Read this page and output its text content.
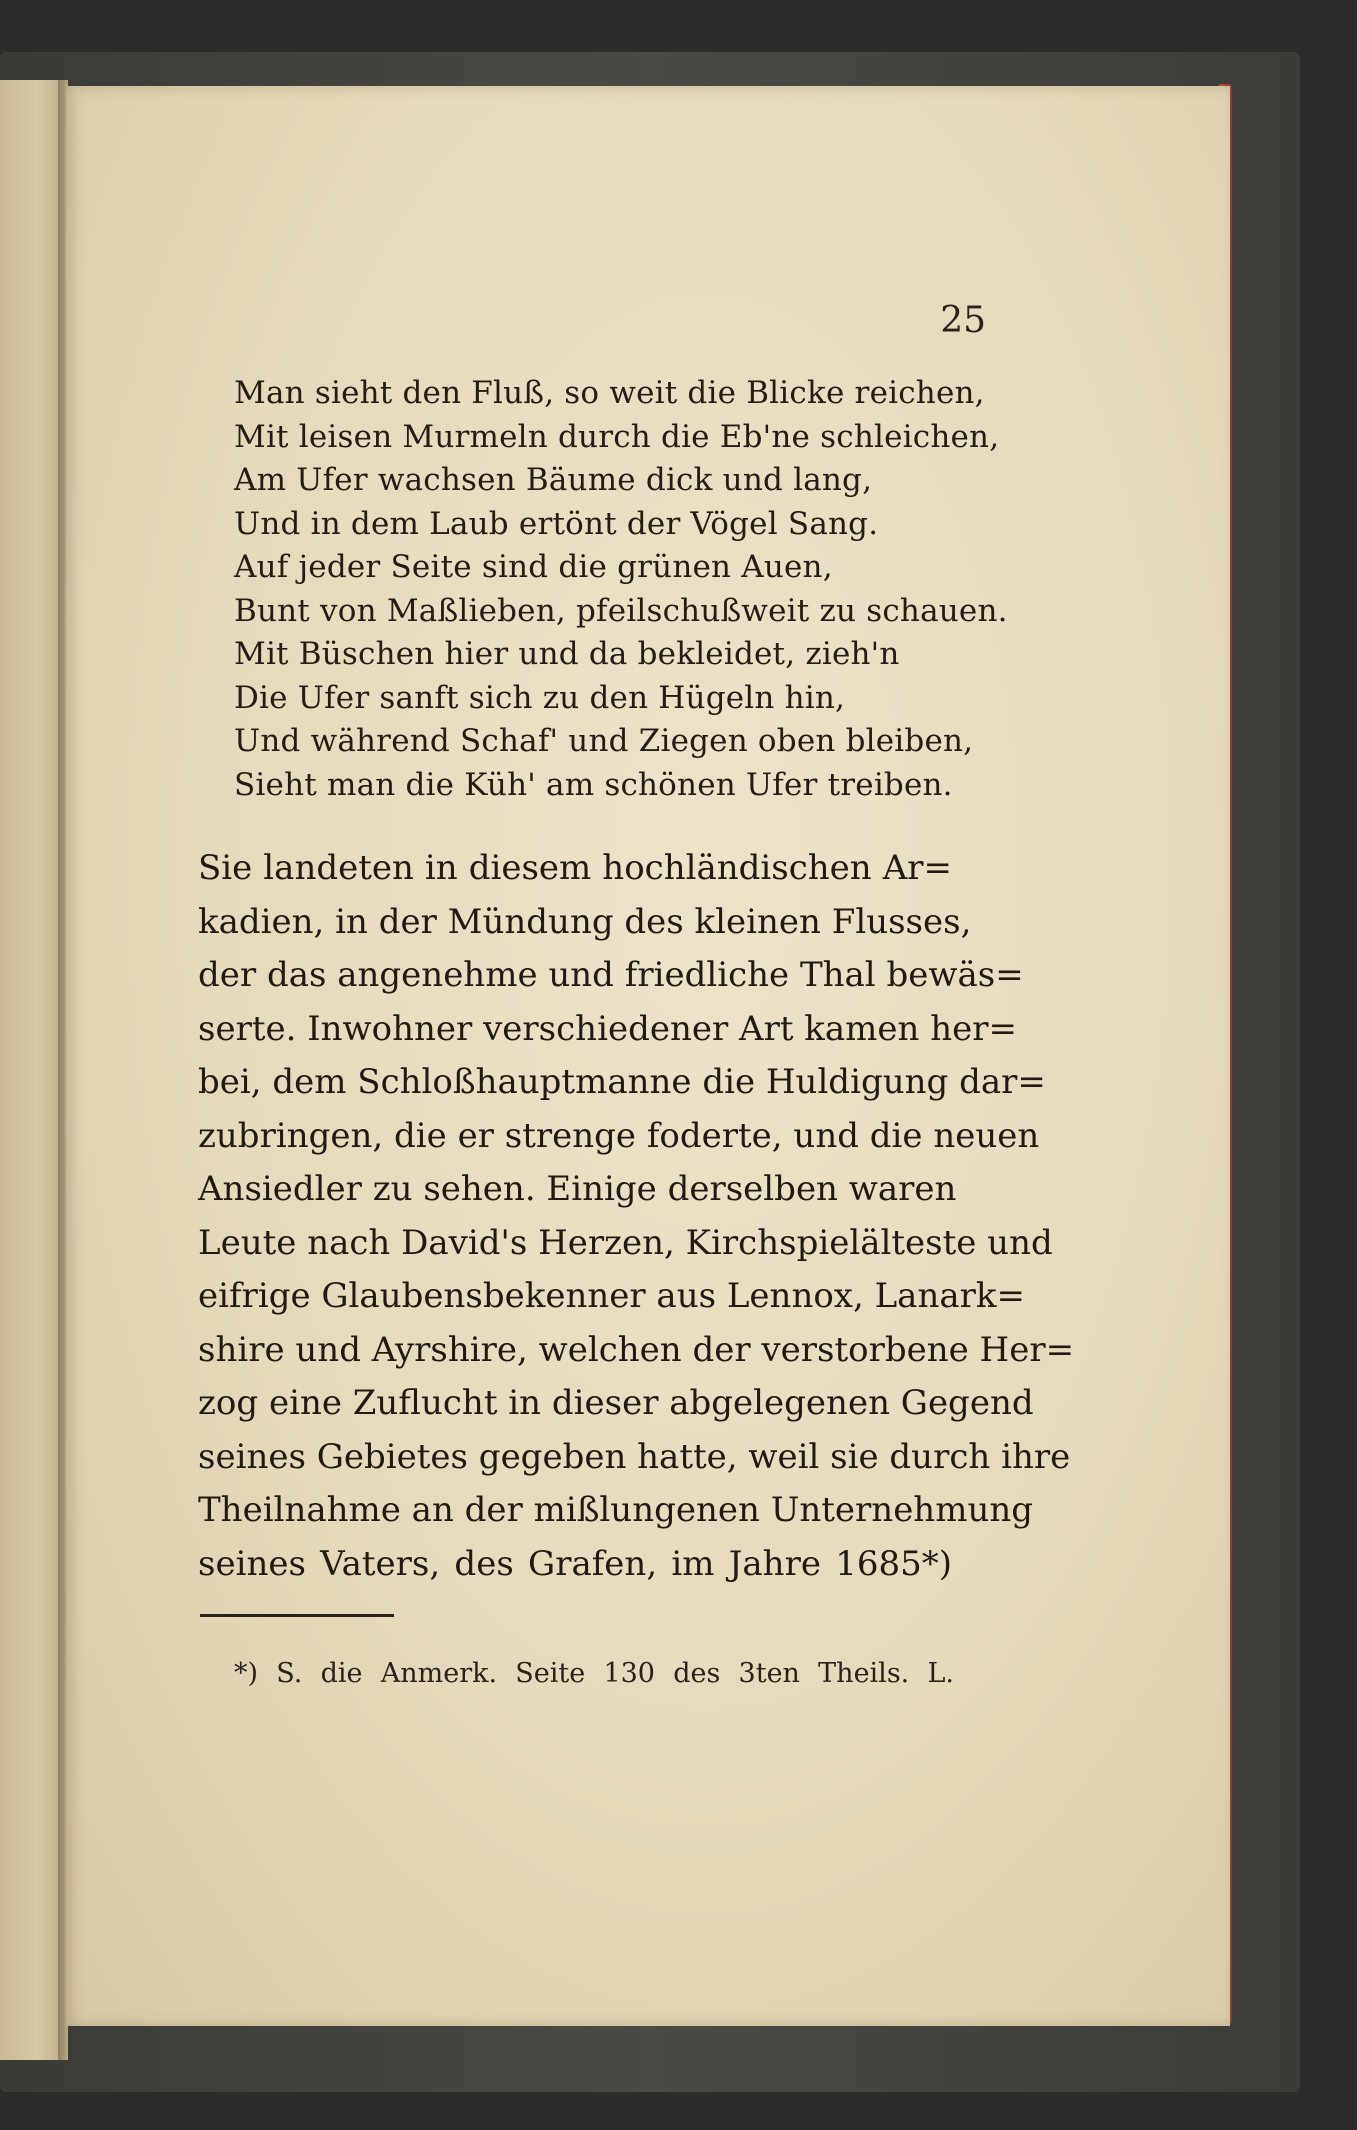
25
Man sieht den Fluß, so weit die Blicke reichen,
Mit leisen Murmeln durch die Eb'ne schleichen,
Am Ufer wachsen Bäume dick und lang,
Und in dem Laub ertönt der Vögel Sang.
Auf jeder Seite sind die grünen Auen,
Bunt von Maßlieben, pfeilschußweit zu schauen.
Mit Büschen hier und da bekleidet, zieh'n
Die Ufer sanft sich zu den Hügeln hin,
Und während Schaf' und Ziegen oben bleiben,
Sieht man die Küh' am schönen Ufer treiben.
Sie landeten in diesem hochländischen Ar=
kadien, in der Mündung des kleinen Flusses,
der das angenehme und friedliche Thal bewäs=
serte. Inwohner verschiedener Art kamen her=
bei, dem Schloßhauptmanne die Huldigung dar=
zubringen, die er strenge foderte, und die neuen
Ansiedler zu sehen. Einige derselben waren
Leute nach David's Herzen, Kirchspielälteste und
eifrige Glaubensbekenner aus Lennox, Lanark=
shire und Ayrshire, welchen der verstorbene Her=
zog eine Zuflucht in dieser abgelegenen Gegend
seines Gebietes gegeben hatte, weil sie durch ihre
Theilnahme an der mißlungenen Unternehmung
seines Vaters, des Grafen, im Jahre 1685*)
*) S. die Anmerk. Seite 130 des 3ten Theils. L.
